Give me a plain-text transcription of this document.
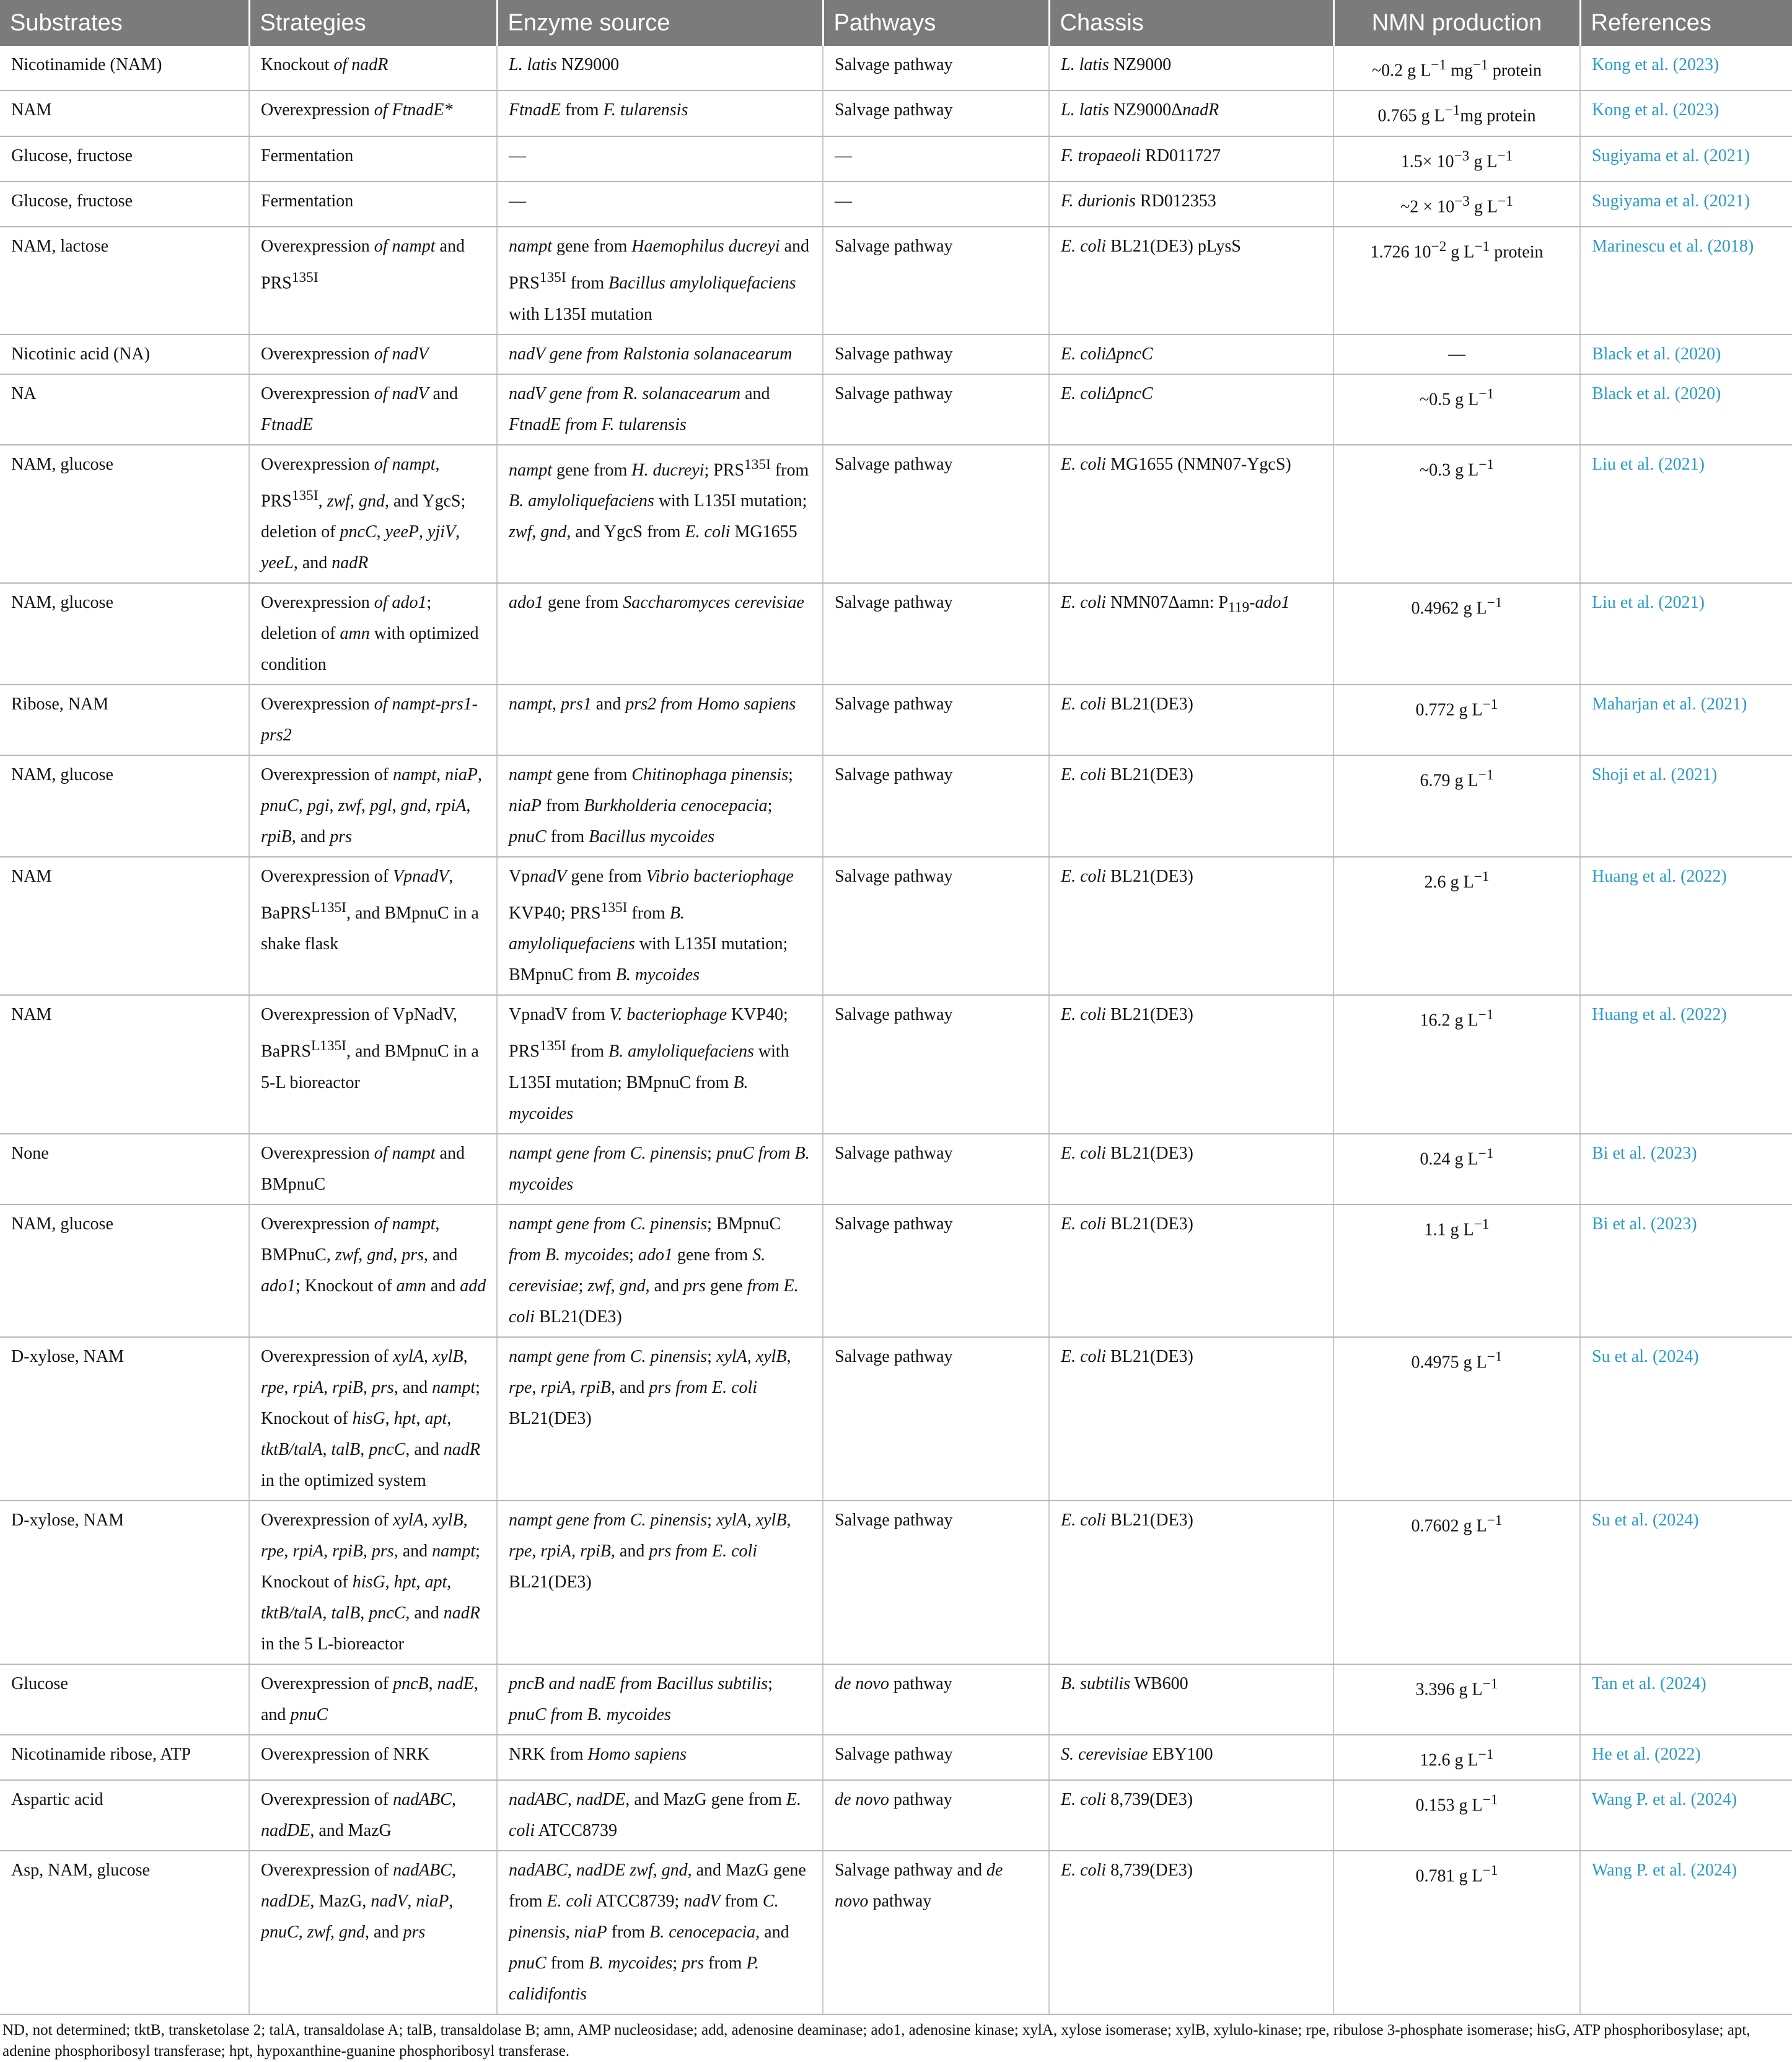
Substrates	Strategies	Enzyme source	Pathways	Chassis	NMN production	References
Nicotinamide (NAM)	Knockout of nadR	L. latis NZ9000	Salvage pathway	L. latis NZ9000	~0.2 g $L^{-1}$ $mg^{-1}$ protein	Kong et al. (2023)
NAM	Overexpression of FtnadE*	FtnadE from F. tularensis	Salvage pathway	L. latis NZ9000ΔnadR	0.765 g $L^{-1}mg$ protein	Kong et al. (2023)
Glucose, fructose	Fermentation	—	—	F. tropaeoli RD011727	$1.5\times 10^{-3}$ g $L^{-1}$	Sugiyama et al. (2021)
Glucose, fructose	Fermentation	—	—	F. durionis RD012353	~2 × $10^{-3}$ g $L^{-1}$	Sugiyama et al. (2021)
NAM, lactose	Overexpression of nampt and $PRS^{135I}$	nampt gene from Haemophilus ducreyi and $PRS^{135I}$ from Bacillus amyloliquefaciens with L135I mutation	Salvage pathway	E. coli BL21(DE3) pLysS	1.726 $10^{-2}$ g $L^{-1}$ protein	Marinescu et al. (2018)
Nicotinic acid (NA)	Overexpression of nadV	nadV gene from Ralstonia solanacearum	Salvage pathway	E. coliΔpncC	—	Black et al. (2020)
NA	Overexpression of nadV and FtnadE	nadV gene from R. solanacearum and FtnadE from F. tularensis	Salvage pathway	E. coliΔpncC	~0.5 g $L^{-1}$	Black et al. (2020)
NAM, glucose	Overexpression of nampt, $PRS^{135I}$, zwf, gnd, and YgcS; deletion of pncC, yeeP, yjiV, yeeL, and nadR	nampt gene from H. ducreyi; $PRS^{135I}$ from B. amyloliquefaciens with L135I mutation; zwf, gnd, and YgcS from E. coli MG1655	Salvage pathway	E. coli MG1655 (NMN07-YgcS)	~0.3 g $L^{-1}$	Liu et al. (2021)
NAM, glucose	Overexpression of ado1; deletion of amn with optimized condition	ado1 gene from Saccharomyces cerevisiae	Salvage pathway	E. coli NMN07Δamn: $P_{119}-ado1$	0.4962 g $L^{-1}$	Liu et al. (2021)
Ribose, NAM	Overexpression of nampt-prs1-prs2	nampt, prs1 and prs2 from Homo sapiens	Salvage pathway	E. coli BL21(DE3)	0.772 g $L^{-1}$	Maharjan et al. (2021)
NAM, glucose	Overexpression of nampt, niaP, pnuC, pgi, zwf, pgl, gnd, rpiA, rpiB, and prs	nampt gene from Chitinophaga pinensis; niaP from Burkholderia cenocepacia; pnuC from Bacillus mycoides	Salvage pathway	E. coli BL21(DE3)	6.79 g $L^{-1}$	Shoji et al. (2021)
NAM	Overexpression of VpnadV, BaPRS$^{L135I}$, and BMpnuC in a shake flask	VpnadV gene from Vibrio bacteriophage KVP40; $PRS^{135I}$ from B. amyloliquefaciens with L135I mutation; BMpnuC from B. mycoides	Salvage pathway	E. coli BL21(DE3)	2.6 g $L^{-1}$	Huang et al. (2022)
NAM	Overexpression of VpNadV, BaPRS$^{L135I}$, and BMpnuC in a 5-L bioreactor	VpnadV from V. bacteriophage KVP40; $PRS^{135I}$ from B. amyloliquefaciens with L135I mutation; BMpnuC from B. mycoides	Salvage pathway	E. coli BL21(DE3)	16.2 g $L^{-1}$	Huang et al. (2022)
None	Overexpression of nampt and BMpnuC	nampt gene from C. pinensis; pnuC from B. mycoides	Salvage pathway	E. coli BL21(DE3)	0.24 g $L^{-1}$	Bi et al. (2023)
NAM, glucose	Overexpression of nampt, BMPnuC, zwf, gnd, prs, and ado1; Knockout of amn and add	nampt gene from C. pinensis; BMpnuC from B. mycoides; ado1 gene from S. cerevisiae; zwf, gnd, and prs gene from E. coli BL21(DE3)	Salvage pathway	E. coli BL21(DE3)	1.1 g $L^{-1}$	Bi et al. (2023)
D-xylose, NAM	Overexpression of xylA, xylB, rpe, rpiA, rpiB, prs, and nampt; Knockout of hisG, hpt, apt, tktB/talA, talB, pncC, and nadR in the optimized system	nampt gene from C. pinensis; xylA, xylB, rpe, rpiA, rpiB, and prs from E. coli BL21(DE3)	Salvage pathway	E. coli BL21(DE3)	0.4975 g $L^{-1}$	Su et al. (2024)
D-xylose, NAM	Overexpression of xylA, xylB, rpe, rpiA, rpiB, prs, and nampt; Knockout of hisG, hpt, apt, tktB/talA, talB, pncC, and nadR in the 5 L-bioreactor	nampt gene from C. pinensis; xylA, xylB, rpe, rpiA, rpiB, and prs from E. coli BL21(DE3)	Salvage pathway	E. coli BL21(DE3)	0.7602 g $L^{-1}$	Su et al. (2024)
Glucose	Overexpression of pncB, nadE, and pnuC	pncB and nadE from Bacillus subtilis; pnuC from B. mycoides	de novo pathway	B. subtilis WB600	3.396 g $L^{-1}$	Tan et al. (2024)
Nicotinamide ribose, ATP	Overexpression of NRK	NRK from Homo sapiens	Salvage pathway	S. cerevisiae EBY100	12.6 g $L^{-1}$	He et al. (2022)
Aspartic acid	Overexpression of nadABC, nadDE, and MazG	nadABC, nadDE, and MazG gene from E. coli ATCC8739	de novo pathway	E. coli 8,739(DE3)	0.153 g $L^{-1}$	Wang P. et al. (2024)
Asp, NAM, glucose	Overexpression of nadABC, nadDE, MazG, nadV, niaP, pnuC, zwf, gnd, and prs	nadABC, nadDE zwf, gnd, and MazG gene from E. coli ATCC8739; nadV from C. pinensis, niaP from B. cenocepacia, and pnuC from B. mycoides; prs from P. calidifontis	Salvage pathway and de novo pathway	E. coli 8,739(DE3)	0.781 g $L^{-1}$	Wang P. et al. (2024)
ND, not determined; tktB, transketolase 2; talA, transaldolase A; talB, transaldolase B; amn, AMP nucleosidase; add, adenosine deaminase; ado1, adenosine kinase; xylA, xylose isomerase; xylB, xylulo-kinase; rpe, ribulose 3-phosphate isomerase; hisG, ATP phosphoribosylase; apt, adenine phosphoribosyl transferase; hpt, hypoxanthine-guanine phosphoribosyl transferase.
